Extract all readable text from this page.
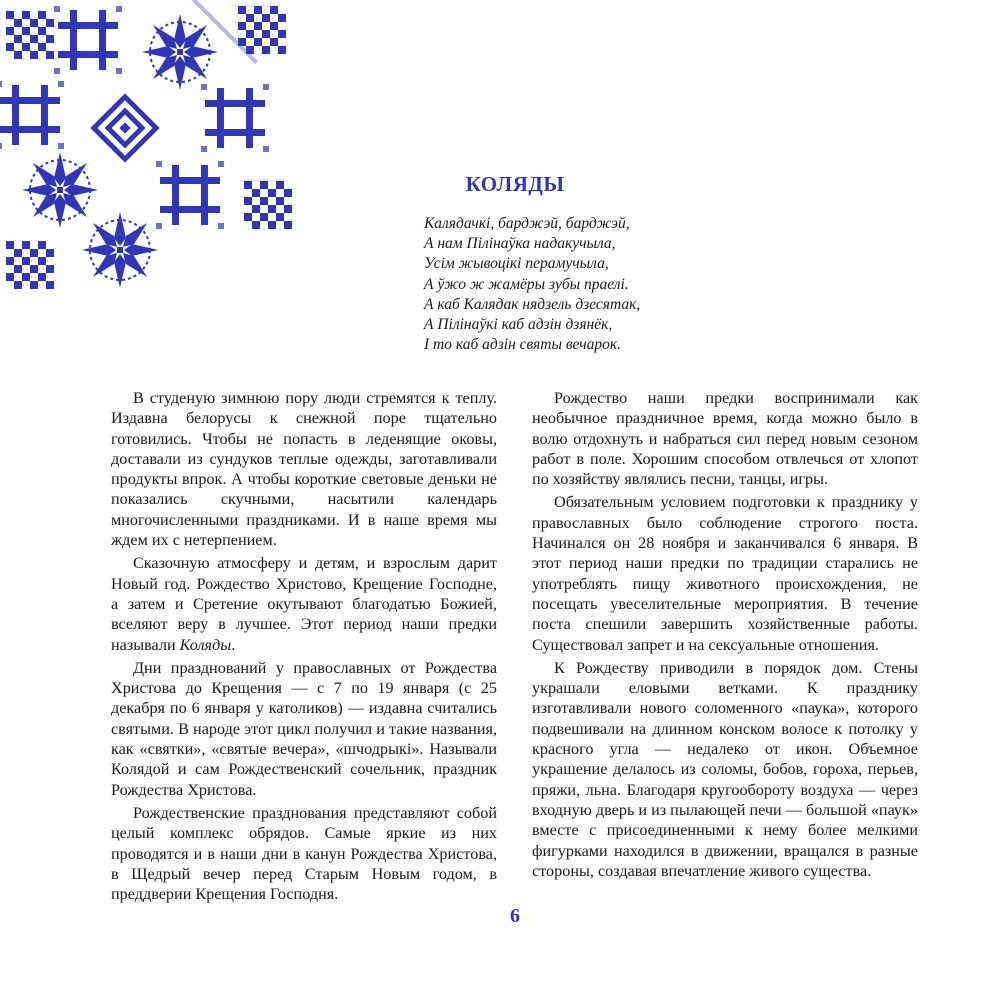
КОЛЯДЫ
Калядачкі, барджэй, барджэй,
А нам Пілінаўка надакучыла,
Усім жывоцікі перамучыла,
А ўжо ж жамёры зубы праелі.
А каб Калядак нядзель дзесятак,
А Пілінаўкі каб адзін дзянёк,
І то каб адзін святы вечарок.

В студеную зимнюю пору люди стремятся к теплу. Издавна белорусы к снежной поре тщательно готовились. Чтобы не попасть в леденящие оковы, доставали из сундуков теплые одежды, заготавливали продукты впрок. А чтобы короткие световые деньки не показались скучными, насытили календарь многочисленными праздниками. И в наше время мы ждем их с нетерпением.

Сказочную атмосферу и детям, и взрослым дарит Новый год. Рождество Христово, Крещение Господне, а затем и Сретение окутывают благодатью Божией, вселяют веру в лучшее. Этот период наши предки называли Коляды.

Дни празднований у православных от Рождества Христова до Крещения — с 7 по 19 января (с 25 декабря по 6 января у католиков) — издавна считались святыми. В народе этот цикл получил и такие названия, как «святки», «святые вечера», «шчодрыкі». Называли Колядой и сам Рождественский сочельник, праздник Рождества Христова.

Рождественские празднования представляют собой целый комплекс обрядов. Самые яркие из них проводятся и в наши дни в канун Рождества Христова, в Щедрый вечер перед Старым Новым годом, в преддверии Крещения Господня.

Рождество наши предки воспринимали как необычное праздничное время, когда можно было в волю отдохнуть и набраться сил перед новым сезоном работ в поле. Хорошим способом отвлечься от хлопот по хозяйству являлись песни, танцы, игры.

Обязательным условием подготовки к празднику у православных было соблюдение строгого поста. Начинался он 28 ноября и заканчивался 6 января. В этот период наши предки по традиции старались не употреблять пищу животного происхождения, не посещать увеселительные мероприятия. В течение поста спешили завершить хозяйственные работы. Существовал запрет и на сексуальные отношения.

К Рождеству приводили в порядок дом. Стены украшали еловыми ветками. К празднику изготавливали нового соломенного «паука», которого подвешивали на длинном конском волосе к потолку у красного угла — недалеко от икон. Объемное украшение делалось из соломы, бобов, гороха, перьев, пряжи, льна. Благодаря кругообороту воздуха — через входную дверь и из пылающей печи — большой «паук» вместе с присоединенными к нему более мелкими фигурками находился в движении, вращался в разные стороны, создавая впечатление живого существа.

6
